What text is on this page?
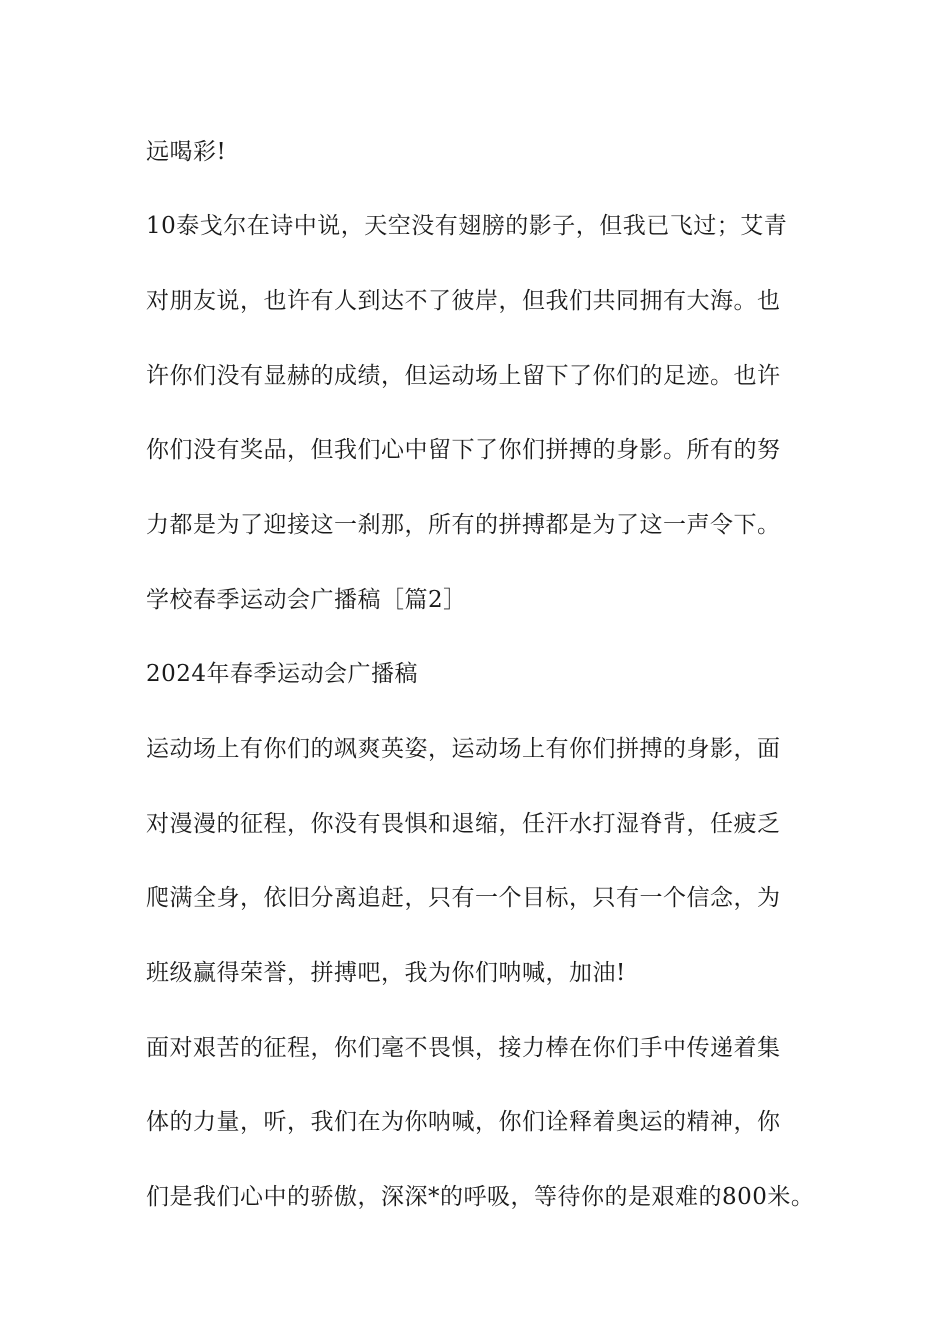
远喝彩!
10泰戈尔在诗中说，天空没有翅膀的影子，但我已飞过；艾青
对朋友说，也许有人到达不了彼岸，但我们共同拥有大海。也
许你们没有显赫的成绩，但运动场上留下了你们的足迹。也许
你们没有奖品，但我们心中留下了你们拼搏的身影。所有的努
力都是为了迎接这一刹那，所有的拼搏都是为了这一声令下。
学校春季运动会广播稿［篇2］
2024年春季运动会广播稿
运动场上有你们的飒爽英姿，运动场上有你们拼搏的身影，面
对漫漫的征程，你没有畏惧和退缩，任汗水打湿脊背，任疲乏
爬满全身，依旧分离追赶，只有一个目标，只有一个信念，为
班级赢得荣誉，拼搏吧，我为你们呐喊，加油!
面对艰苦的征程，你们毫不畏惧，接力棒在你们手中传递着集
体的力量，听，我们在为你呐喊，你们诠释着奥运的精神，你
们是我们心中的骄傲，深深*的呼吸，等待你的是艰难的800米。
